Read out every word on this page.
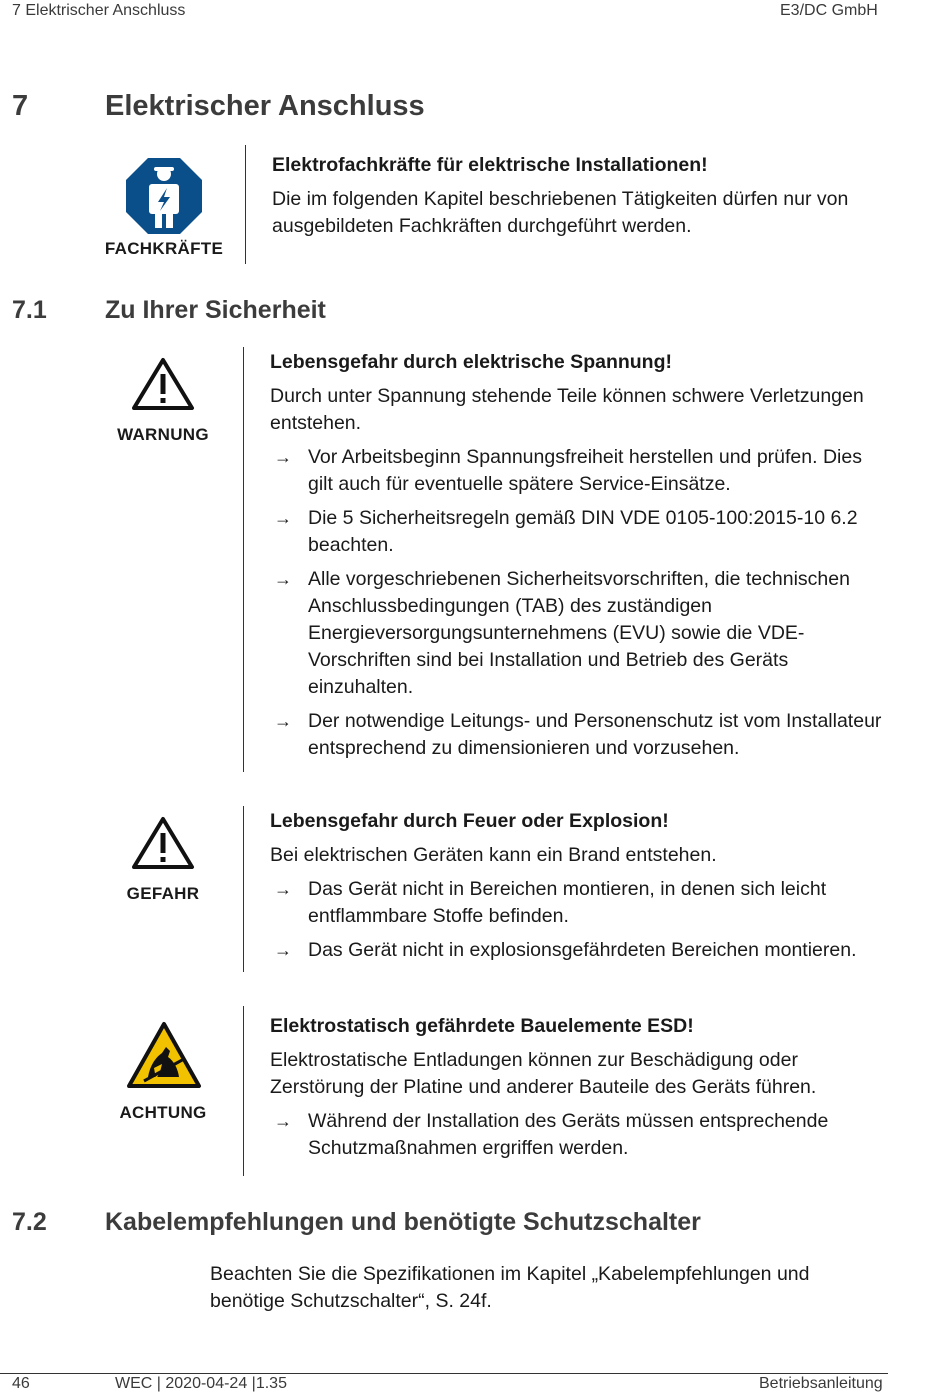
7 Elektrischer Anschluss	E3/DC GmbH
7	Elektrischer Anschluss
FACHKRÄFTE
Elektrofachkräfte für elektrische Installationen!

Die im folgenden Kapitel beschriebenen Tätigkeiten dürfen nur von ausgebildeten Fachkräften durchgeführt werden.

7.1 Zu Ihrer Sicherheit
WARNUNG
Lebensgefahr durch elektrische Spannung!

Durch unter Spannung stehende Teile können schwere Verletzungen entstehen.

→ Vor Arbeitsbeginn Spannungsfreiheit herstellen und prüfen. Dies gilt auch für eventuelle spätere Service-Einsätze.
→ Die 5 Sicherheitsregeln gemäß DIN VDE 0105-100:2015-10 6.2 beachten.
→ Alle vorgeschriebenen Sicherheitsvorschriften, die technischen Anschlussbedingungen (TAB) des zuständigen Energieversorgungsunternehmens (EVU) sowie die VDE-Vorschriften sind bei Installation und Betrieb des Geräts einzuhalten.
→ Der notwendige Leitungs- und Personenschutz ist vom Installateur entsprechend zu dimensionieren und vorzusehen.
GEFAHR
Lebensgefahr durch Feuer oder Explosion!

Bei elektrischen Geräten kann ein Brand entstehen.

→ Das Gerät nicht in Bereichen montieren, in denen sich leicht entflammbare Stoffe befinden.
→ Das Gerät nicht in explosionsgefährdeten Bereichen montieren.
ACHTUNG
Elektrostatisch gefährdete Bauelemente ESD!

Elektrostatische Entladungen können zur Beschädigung oder Zerstörung der Platine und anderer Bauteile des Geräts führen.

→ Während der Installation des Geräts müssen entsprechende Schutzmaßnahmen ergriffen werden.
7.2 Kabelempfehlungen und benötigte Schutzschalter
Beachten Sie die Spezifikationen im Kapitel „Kabelempfehlungen und benötige Schutzschalter“, S. 24f.
46	WEC | 2020-04-24 |1.35	Betriebsanleitung
